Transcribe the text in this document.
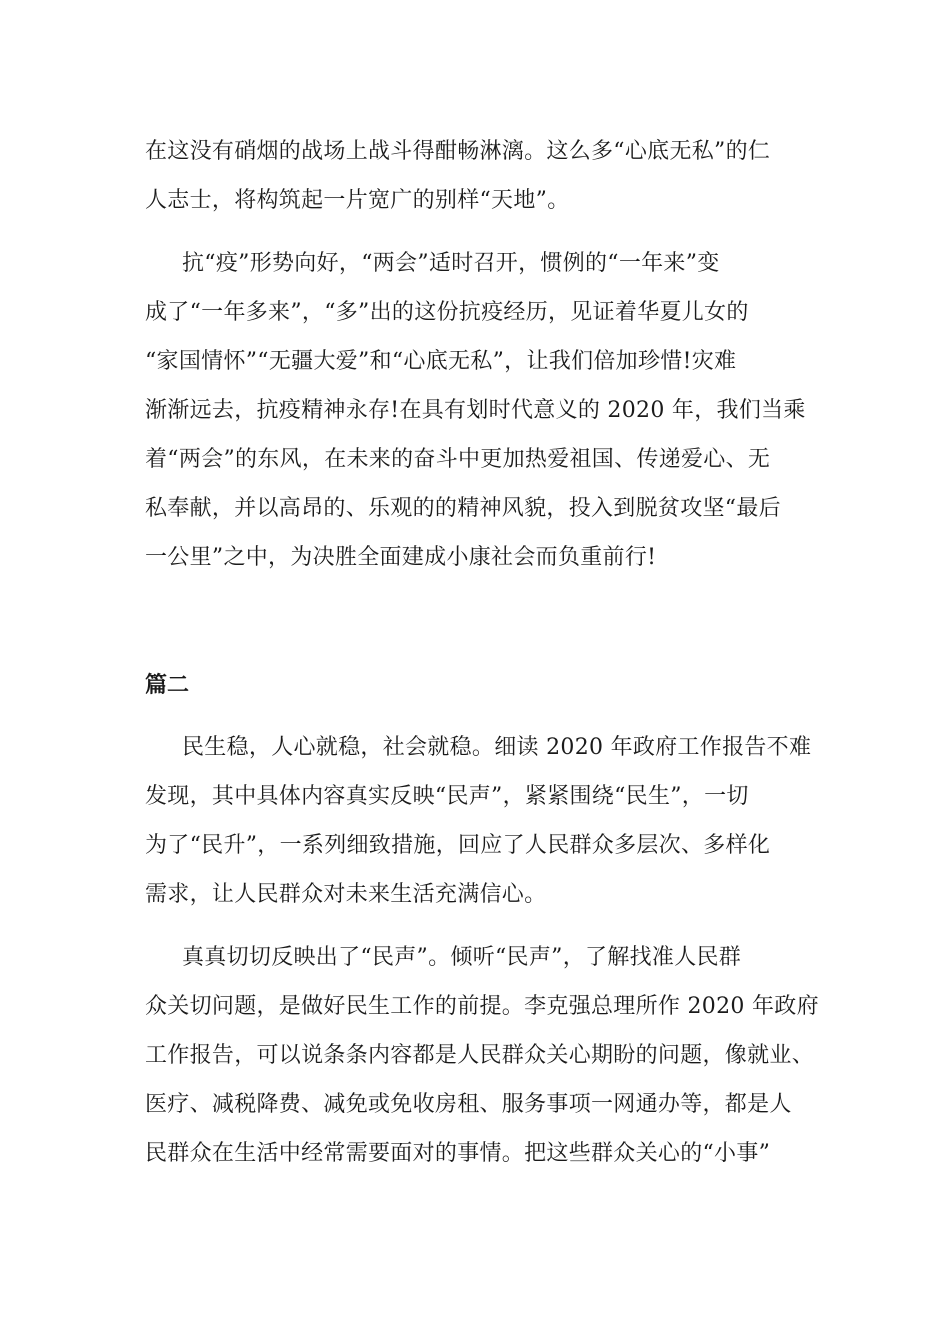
在这没有硝烟的战场上战斗得酣畅淋漓。这么多“心底无私”的仁
人志士，将构筑起一片宽广的别样“天地”。
抗“疫”形势向好，“两会”适时召开，惯例的“一年来”变
成了“一年多来”，“多”出的这份抗疫经历，见证着华夏儿女的
“家国情怀”“无疆大爱”和“心底无私”，让我们倍加珍惜!灾难
渐渐远去，抗疫精神永存!在具有划时代意义的 2020 年，我们当乘
着“两会”的东风，在未来的奋斗中更加热爱祖国、传递爱心、无
私奉献，并以高昂的、乐观的的精神风貌，投入到脱贫攻坚“最后
一公里”之中，为决胜全面建成小康社会而负重前行!
篇二
民生稳，人心就稳，社会就稳。细读 2020 年政府工作报告不难
发现，其中具体内容真实反映“民声”，紧紧围绕“民生”，一切
为了“民升”，一系列细致措施，回应了人民群众多层次、多样化
需求，让人民群众对未来生活充满信心。
真真切切反映出了“民声”。倾听“民声”，了解找准人民群
众关切问题，是做好民生工作的前提。李克强总理所作 2020 年政府
工作报告，可以说条条内容都是人民群众关心期盼的问题，像就业、
医疗、减税降费、减免或免收房租、服务事项一网通办等，都是人
民群众在生活中经常需要面对的事情。把这些群众关心的“小事”
